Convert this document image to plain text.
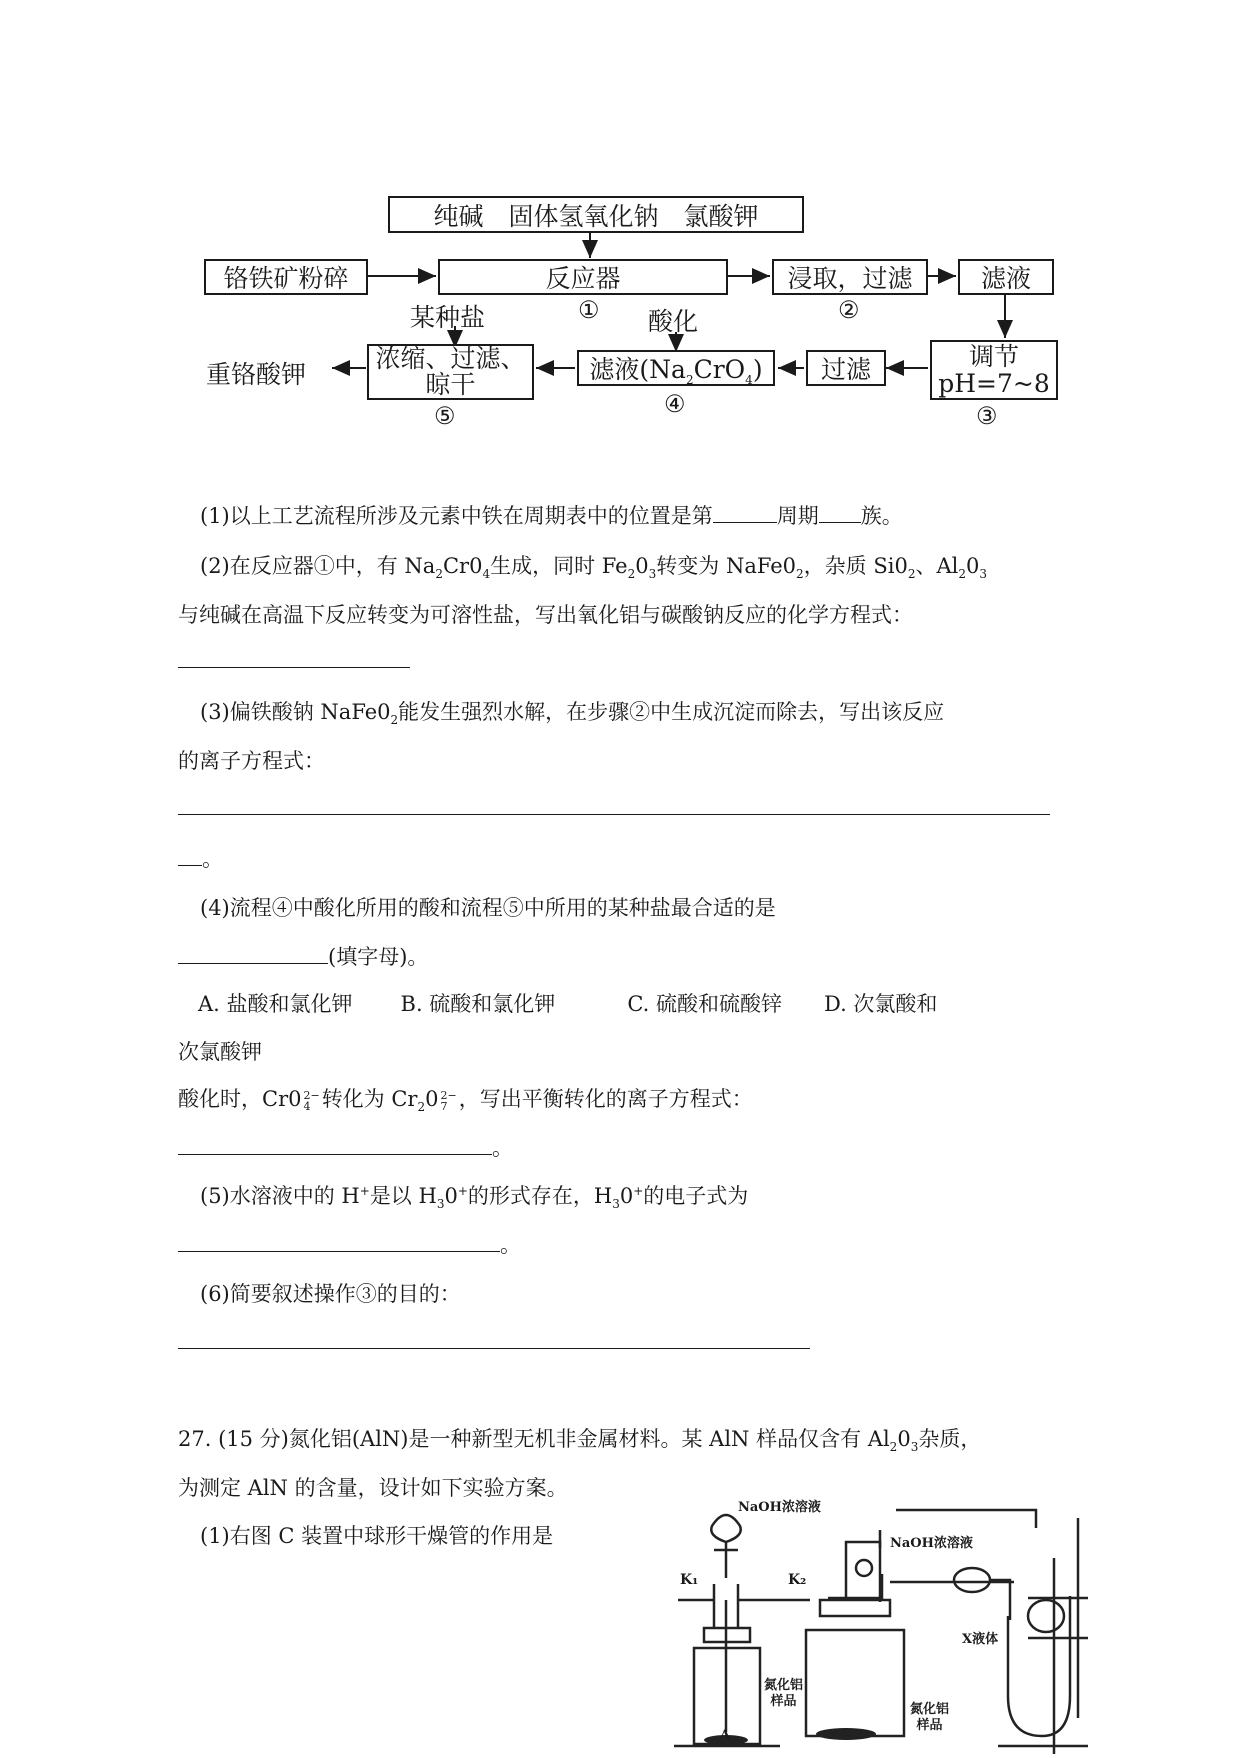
纯碱　固体氢氧化钠　氯酸钾
铬铁矿粉碎	反应器
①
浸取，过滤
②
滤液
调节
pH=7~8
③
过滤
滤液$(Na_2CrO_4)$
④
酸化
浓缩、过滤、
晾干
⑤
某种盐
重铬酸钾
(1)以上工艺流程所涉及元素中铁在周期表中的位置是第	周期 族。
(2)在反应器①中，有 $Na_2Cr0_4$生成，同时 $Fe_20_3$转变为 $NaFe0_2$，杂质 $Si0_2$、$Al_20_3$
与纯碱在高温下反应转变为可溶性盐，写出氧化铝与碳酸钠反应的化学方程式：
(3)偏铁酸钠 $NaFe0_2$能发生强烈水解，在步骤②中生成沉淀而除去，写出该反应
的离子方程式：
。
(4)流程④中酸化所用的酸和流程⑤中所用的某种盐最合适的是
(填字母)。
A. 盐酸和氯化钾 B. 硫酸和氯化钾	C. 硫酸和硫酸锌 D. 次氯酸和
次氯酸钾
酸化时，Cr0 2−
4 转化为 $Cr_20$ 2−
7 ，写出平衡转化的离子方程式：
。
(5)水溶液中的 H+是以 $H_30^+$的形式存在，$H_30^+$的电子式为
。
(6)简要叙述操作③的目的：
27. (15 分)氮化铝(AlN)是一种新型无机非金属材料。某 AlN 样品仅含有 $Al_20_3$杂质，
为测定 AlN 的含量，设计如下实验方案。
(1)右图 C 装置中球形干燥管的作用是
NaOH浓溶液
K₁	K₂
氮化铝
样品
A
NaOH浓溶液
X液体
氮化铝
样品
